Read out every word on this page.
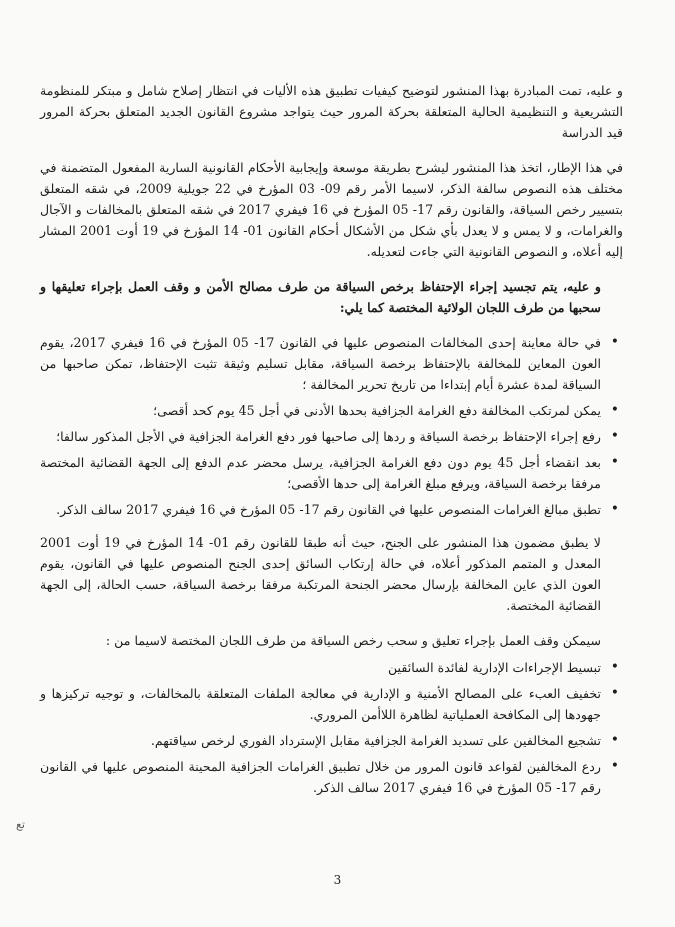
و عليه، تمت المبادرة بهذا المنشور لتوضيح كيفيات تطبيق هذه الأليات في انتظار إصلاح شامل و مبتكر للمنظومة التشريعية و التنظيمية الحالية المتعلقة بحركة المرور حيث يتواجد مشروع القانون الجديد المتعلق بحركة المرور قيد الدراسة

في هذا الإطار، اتخذ هذا المنشور ليشرح بطريقة موسعة وإيجابية الأحكام القانونية السارية المفعول المتضمنة في مختلف هذه النصوص سالفة الذكر، لاسيما الأمر رقم 09- 03 المؤرخ في 22 جويلية 2009، في شقه المتعلق بتسيير رخص السياقة، والقانون رقم 17- 05 المؤرخ في 16 فيفري 2017 في شقه المتعلق بالمخالفات و الآجال والغرامات، و لا يمس و لا يعدل بأي شكل من الأشكال أحكام القانون 01- 14 المؤرخ في 19 أوت 2001 المشار إليه أعلاه، و النصوص القانونية التي جاءت لتعديله.

و عليه، يتم تجسيد إجراء الإحتفاظ برخص السياقة من طرف مصالح الأمن و وقف العمل بإجراء تعليقها و سحبها من طرف اللجان الولائية المختصة كما يلي:

• في حالة معاينة إحدى المخالفات المنصوص عليها في القانون 17- 05 المؤرخ في 16 فيفري 2017، يقوم العون المعاين للمخالفة بالإحتفاظ برخصة السياقة، مقابل تسليم وثيقة تثبت الإحتفاظ، تمكن صاحبها من السياقة لمدة عشرة أيام إبتداءا من تاريخ تحرير المخالفة ؛
• يمكن لمرتكب المخالفة دفع الغرامة الجزافية بحدها الأدنى في أجل 45 يوم كحد أقصى؛
• رفع إجراء الإحتفاظ برخصة السياقة و ردها إلى صاحبها فور دفع الغرامة الجزافية في الأجل المذكور سالفا؛
• بعد انقضاء أجل 45 يوم دون دفع الغرامة الجزافية، يرسل محضر عدم الدفع إلى الجهة القضائية المختصة مرفقا برخصة السياقة، ويرفع مبلغ الغرامة إلى حدها الأقصى؛
• تطبق مبالغ الغرامات المنصوص عليها في القانون رقم 17- 05 المؤرخ في 16 فيفري 2017 سالف الذكر.

لا يطبق مضمون هذا المنشور على الجنح، حيث أنه طبقا للقانون رقم 01- 14 المؤرخ في 19 أوت 2001 المعدل و المتمم المذكور أعلاه، في حالة إرتكاب السائق إحدى الجنح المنصوص عليها في القانون، يقوم العون الذي عاين المخالفة بإرسال محضر الجنحة المرتكبة مرفقا برخصة السياقة، حسب الحالة، إلى الجهة القضائية المختصة.

سيمكن وقف العمل بإجراء تعليق و سحب رخص السياقة من طرف اللجان المختصة لاسيما من :

• تبسيط الإجراءات الإدارية لفائدة السائقين
• تخفيف العبء على المصالح الأمنية و الإدارية في معالجة الملفات المتعلقة بالمخالفات، و توجيه تركيزها و جهودها إلى المكافحة العملياتية لظاهرة اللاأمن المروري.
• تشجيع المخالفين على تسديد الغرامة الجزافية مقابل الإسترداد الفوري لرخص سياقتهم.
• ردع المخالفين لقواعد قانون المرور من خلال تطبيق الغرامات الجزافية المحينة المنصوص عليها في القانون رقم 17- 05 المؤرخ في 16 فيفري 2017 سالف الذكر.
تع
3
